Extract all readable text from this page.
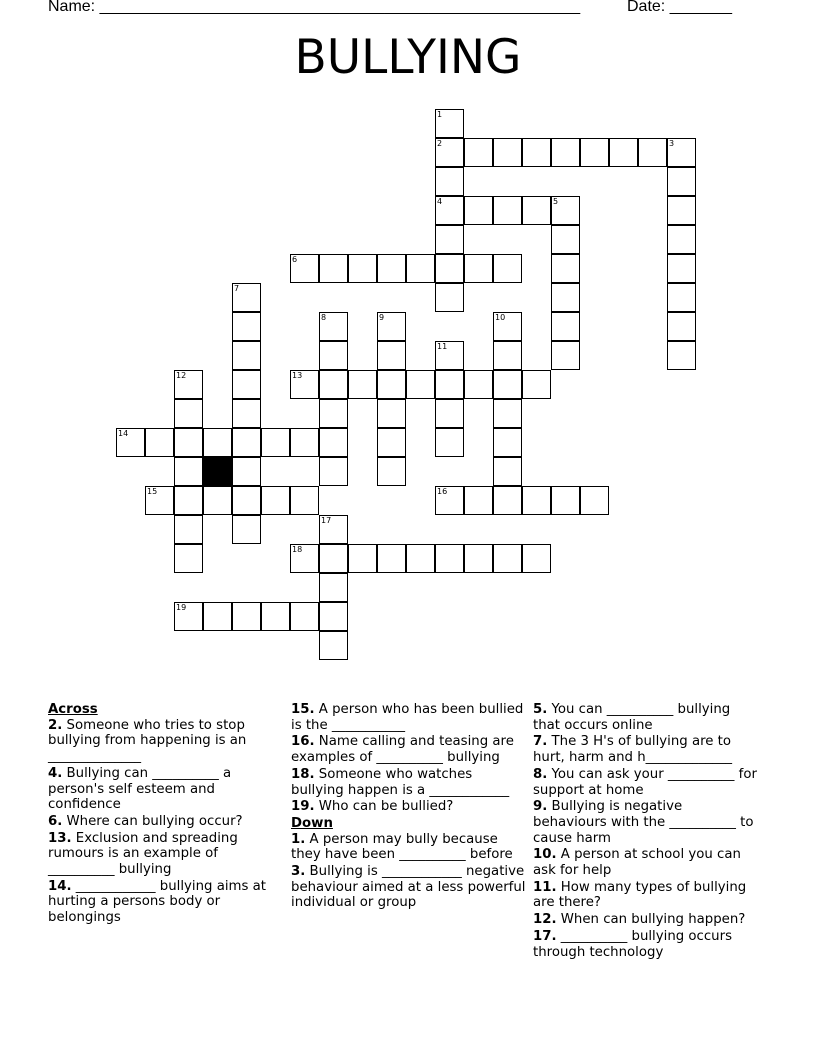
Name: ______________________________________________________	Date: _______
BULLYING
1
2	3
4	5
6
7
8	9	10
11
12	13
14
15	16
17
18
19
Across
2. Someone who tries to stop bullying from happening is an ______________
4. Bullying can __________ a person's self esteem and confidence
6. Where can bullying occur?
13. Exclusion and spreading rumours is an example of __________ bullying
14. ____________ bullying aims at hurting a persons body or belongings
15. A person who has been bullied is the ___________
16. Name calling and teasing are examples of __________ bullying
18. Someone who watches bullying happen is a ____________
19. Who can be bullied?
Down
1. A person may bully because they have been __________ before
3. Bullying is ____________ negative behaviour aimed at a less powerful individual or group
5. You can __________ bullying that occurs online
7. The 3 H's of bullying are to hurt, harm and h_____________
8. You can ask your __________ for support at home
9. Bullying is negative behaviours with the __________ to cause harm
10. A person at school you can ask for help
11. How many types of bullying are there?
12. When can bullying happen?
17. __________ bullying occurs through technology
